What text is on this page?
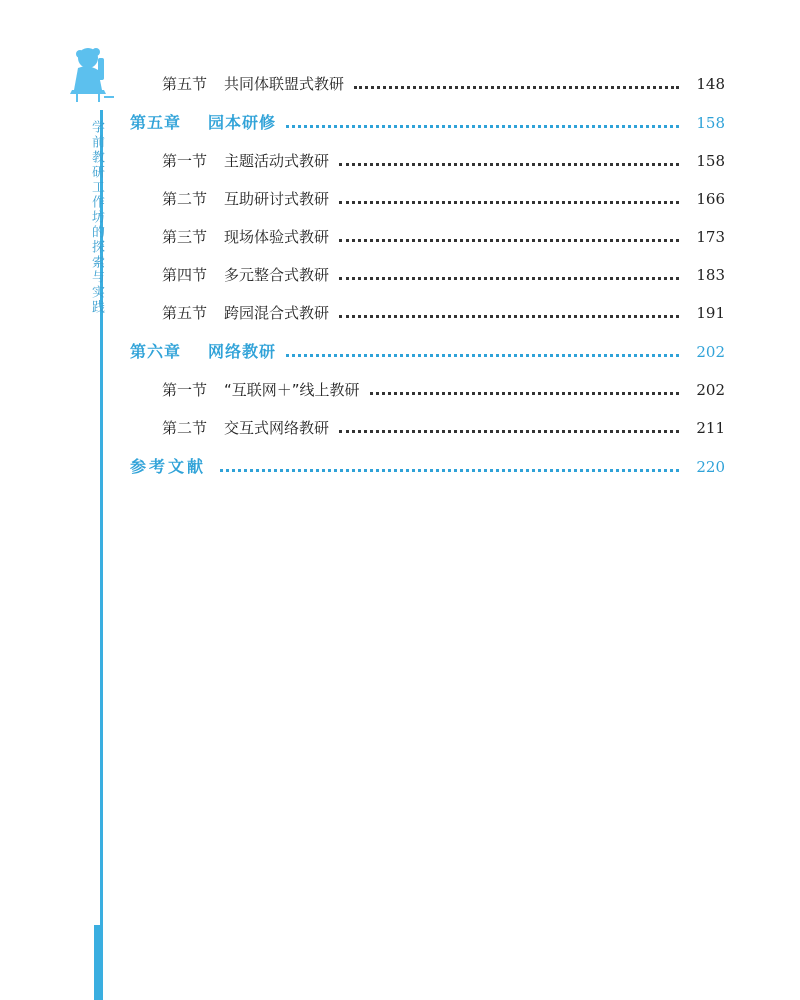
学前教研工作坊的探索与实践
第五节	共同体联盟式教研	148
第五章	园本研修	158
第一节	主题活动式教研	158
第二节	互助研讨式教研	166
第三节	现场体验式教研	173
第四节	多元整合式教研	183
第五节	跨园混合式教研	191
第六章	网络教研	202
第一节	“互联网＋”线上教研	202
第二节	交互式网络教研	211
参考文献	220
